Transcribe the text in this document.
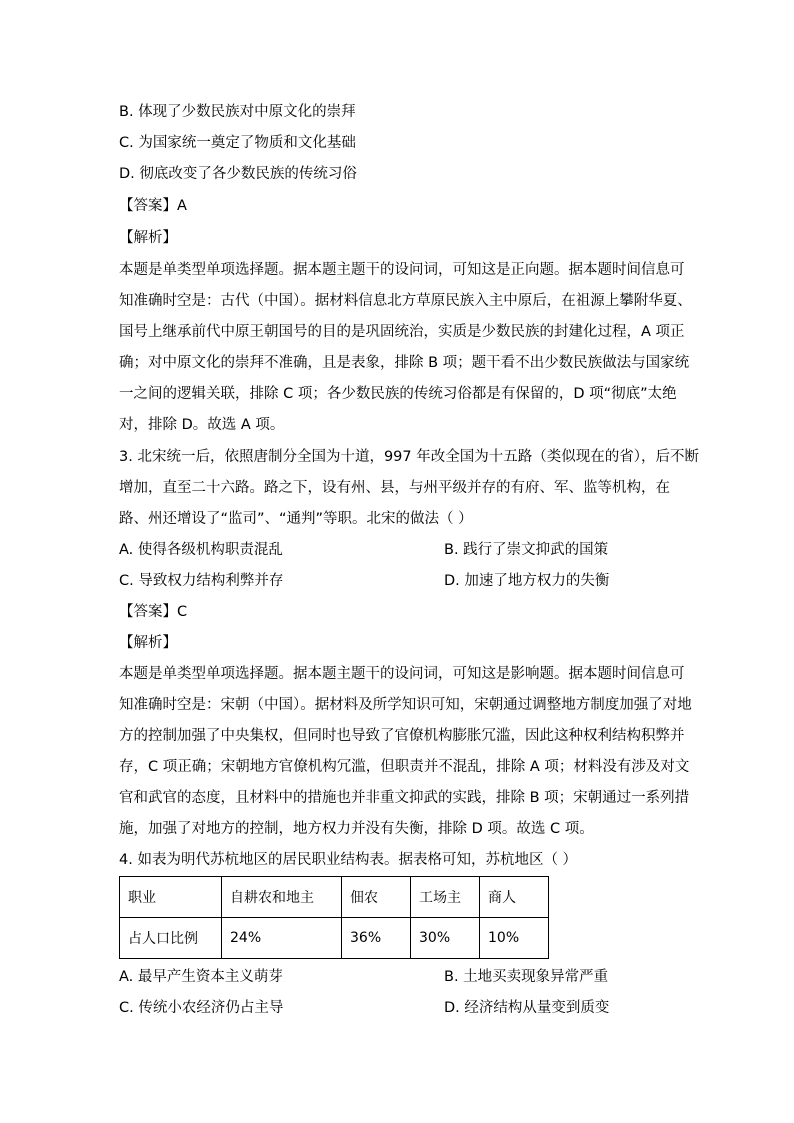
B. 体现了少数民族对中原文化的崇拜
C. 为国家统一奠定了物质和文化基础
D. 彻底改变了各少数民族的传统习俗
【答案】A
【解析】
本题是单类型单项选择题。据本题主题干的设问词，可知这是正向题。据本题时间信息可
知准确时空是：古代（中国）。据材料信息北方草原民族入主中原后，在祖源上攀附华夏、
国号上继承前代中原王朝国号的目的是巩固统治，实质是少数民族的封建化过程，A 项正
确；对中原文化的崇拜不准确，且是表象，排除 B 项；题干看不出少数民族做法与国家统
一之间的逻辑关联，排除 C 项；各少数民族的传统习俗都是有保留的，D 项“彻底”太绝
对，排除 D。故选 A 项。
3. 北宋统一后，依照唐制分全国为十道，997 年改全国为十五路（类似现在的省），后不断
增加，直至二十六路。路之下，设有州、县，与州平级并存的有府、军、监等机构，在
路、州还增设了“监司”、“通判”等职。北宋的做法（ ）
A. 使得各级机构职责混乱	B. 践行了崇文抑武的国策
C. 导致权力结构利弊并存	D. 加速了地方权力的失衡
【答案】C
【解析】
本题是单类型单项选择题。据本题主题干的设问词，可知这是影响题。据本题时间信息可
知准确时空是：宋朝（中国）。据材料及所学知识可知，宋朝通过调整地方制度加强了对地
方的控制加强了中央集权，但同时也导致了官僚机构膨胀冗滥，因此这种权利结构积弊并
存，C 项正确；宋朝地方官僚机构冗滥，但职责并不混乱，排除 A 项；材料没有涉及对文
官和武官的态度，且材料中的措施也并非重文抑武的实践，排除 B 项；宋朝通过一系列措
施，加强了对地方的控制，地方权力并没有失衡，排除 D 项。故选 C 项。
4. 如表为明代苏杭地区的居民职业结构表。据表格可知，苏杭地区（ ）
职业	自耕农和地主	佃农	工场主	商人
占人口比例	24%	36%	30%	10%
A. 最早产生资本主义萌芽	B. 土地买卖现象异常严重
C. 传统小农经济仍占主导	D. 经济结构从量变到质变
